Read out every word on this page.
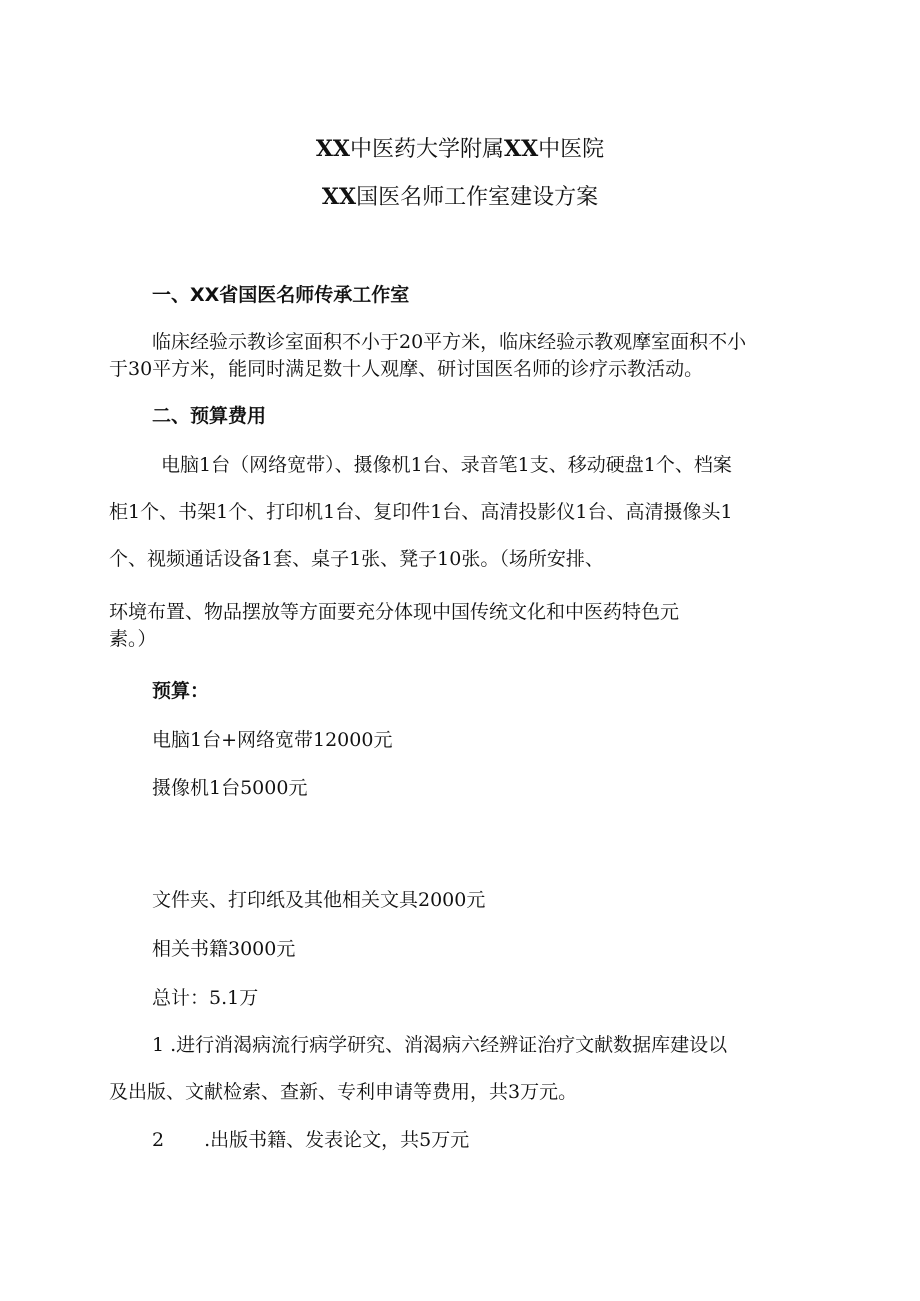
XX中医药大学附属XX中医院
XX国医名师工作室建设方案
一、XX省国医名师传承工作室
临床经验示教诊室面积不小于20平方米，临床经验示教观摩室面积不小
于30平方米，能同时满足数十人观摩、研讨国医名师的诊疗示教活动。
二、预算费用
电脑1台（网络宽带）、摄像机1台、录音笔1支、移动硬盘1个、档案
柜1个、书架1个、打印机1台、复印件1台、高清投影仪1台、高清摄像头1
个、视频通话设备1套、桌子1张、凳子10张。（场所安排、
环境布置、物品摆放等方面要充分体现中国传统文化和中医药特色元
素。）
预算：
电脑1台+网络宽带12000元
摄像机1台5000元
文件夹、打印纸及其他相关文具2000元
相关书籍3000元
总计：5.1万
1 .进行消渴病流行病学研究、消渴病六经辨证治疗文献数据库建设以
及出版、文献检索、查新、专利申请等费用，共3万元。
2 .出版书籍、发表论文，共5万元
